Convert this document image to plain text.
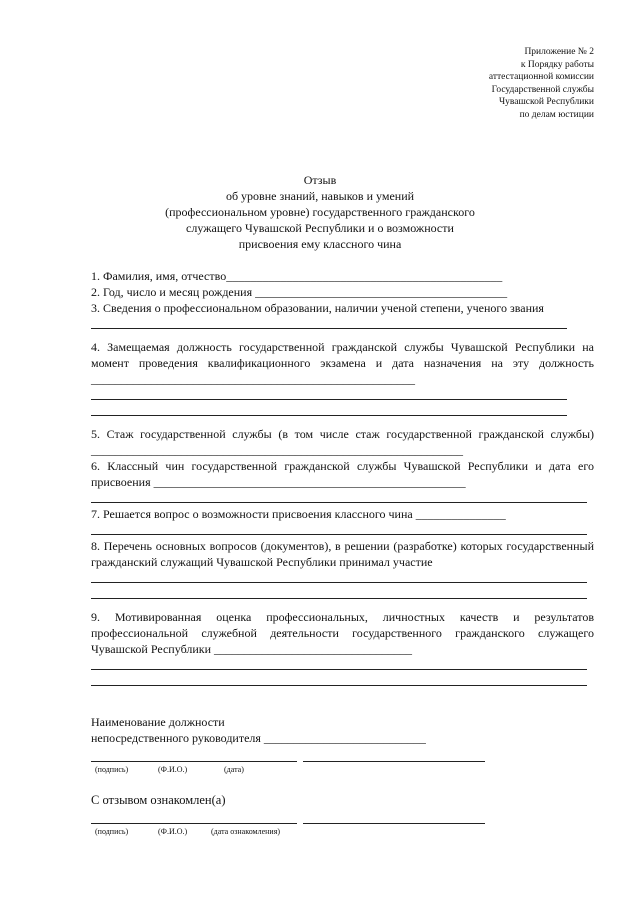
Приложение № 2
к Порядку работы
аттестационной комиссии
Государственной службы
Чувашской Республики
по делам юстиции
Отзыв
об уровне знаний, навыков и умений
(профессиональном уровне) государственного гражданского
служащего Чувашской Республики и о возможности
присвоения ему классного чина

1. Фамилия, имя, отчество______________________________________________

2. Год, число и месяц рождения __________________________________________

3. Сведения о профессиональном образовании, наличии ученой степени, ученого звания

4. Замещаемая должность государственной гражданской службы Чувашской Республики на момент проведения квалификационного экзамена и дата назначения на эту должность ______________________________________________________

5. Стаж государственной службы (в том числе стаж государственной гражданской службы) ______________________________________________________________

6. Классный чин государственной гражданской службы Чувашской Республики и дата его присвоения ____________________________________________________

7. Решается вопрос о возможности присвоения классного чина _______________

8. Перечень основных вопросов (документов), в решении (разработке) которых государственный гражданский служащий Чувашской Республики принимал участие

9. Мотивированная оценка профессиональных, личностных качеств и результатов профессиональной служебной деятельности государственного гражданского служащего Чувашской Республики _________________________________

Наименование должности
непосредственного руководителя ___________________________
(подпись)	(Ф.И.О.)	(дата)
С отзывом ознакомлен(а)
(подпись)	(Ф.И.О.)	(дата ознакомления)
